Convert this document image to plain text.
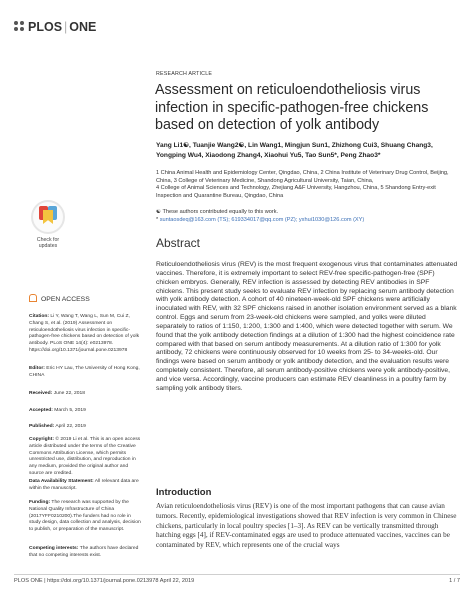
PLOS | ONE
RESEARCH ARTICLE
Assessment on reticuloendotheliosis virus infection in specific-pathogen-free chickens based on detection of yolk antibody
Yang Li1☯, Tuanjie Wang2☯, Lin Wang1, Mingjun Sun1, Zhizhong Cui3, Shuang Chang3, Yongping Wu4, Xiaodong Zhang4, Xiaohui Yu5, Tao Sun5*, Peng Zhao3*

1 China Animal Health and Epidemiology Center, Qingdao, China, 2 China Institute of Veterinary Drug Control, Beijing, China, 3 College of Veterinary Medicine, Shandong Agricultural University, Taian, China,

4 College of Animal Sciences and Technology, Zhejiang A&F University, Hangzhou, China, 5 Shandong Entry-exit Inspection and Quarantine Bureau, Qingdao, China

☯ These authors contributed equally to this work.

* suntaosdeq@163.com (TS); 619334017@qq.com (PZ); yxhui1030@126.com (XY)

Check for updates
OPEN ACCESS
Citation: Li Y, Wang T, Wang L, Sun M, Cui Z, Chang S, et al. (2019) Assessment on reticuloendotheliosis virus infection in specific-pathogen-free chickens based on detection of yolk antibody. PLoS ONE 14(4): e0213978. https://doi.org/10.1371/journal.pone.0213978
Editor: Eric HY Lau, The University of Hong Kong, CHINA
Received: June 22, 2018
Accepted: March 5, 2019
Published: April 22, 2019
Copyright: © 2019 Li et al. This is an open access article distributed under the terms of the Creative Commons Attribution License, which permits unrestricted use, distribution, and reproduction in any medium, provided the original author and source are credited.
Data Availability Statement: All relevant data are within the manuscript.
Funding: The research was supported by the National Quality Infrastructure of China (2017YFF0210200).The funders had no role in study design, data collection and analysis, decision to publish, or preparation of the manuscript.
Competing interests: The authors have declared that no competing interests exist.
Abstract
Reticuloendotheliosis virus (REV) is the most frequent exogenous virus that contaminates attenuated vaccines. Therefore, it is extremely important to select REV-free specific-pathogen-free (SPF) chicken embryos. Generally, REV infection is assessed by detecting REV antibodies in SPF chickens. This present study seeks to evaluate REV infection by replacing serum antibody detection with yolk antibody detection. A cohort of 40 nineteen-week-old SPF chickens were artificially inoculated with REV, with 32 SPF chickens raised in another isolation environment served as a blank control. Eggs and serum from 23-week-old chickens were sampled, and yolks were diluted separately to ratios of 1:150, 1:200, 1:300 and 1:400, which were detected together with serum. We found that the yolk antibody detection findings at a dilution of 1:300 had the highest coincidence rate compared with that based on serum antibody measurements. At a dilution ratio of 1:300 for yolk antibody, 72 chickens were continuously observed for 10 weeks from 25- to 34-weeks-old. Our findings were based on serum antibody or yolk antibody detection, and the evaluation results were completely consistent. Therefore, all serum antibody-positive chickens were yolk antibody-positive, and vice versa. Accordingly, vaccine producers can estimate REV cleanliness in a poultry farm by sampling yolk antibody titers.
Introduction
Avian reticuloendotheliosis virus (REV) is one of the most important pathogens that can cause avian tumors. Recently, epidemiological investigations showed that REV infection is very common in Chinese chickens, particularly in local poultry species [1–3]. As REV can be vertically transmitted through hatching eggs [4], if REV-contaminated eggs are used to produce attenuated vaccines, vaccines can be contaminated by REV, which represents one of the crucial ways
PLOS ONE | https://doi.org/10.1371/journal.pone.0213978 April 22, 2019	1 / 7
